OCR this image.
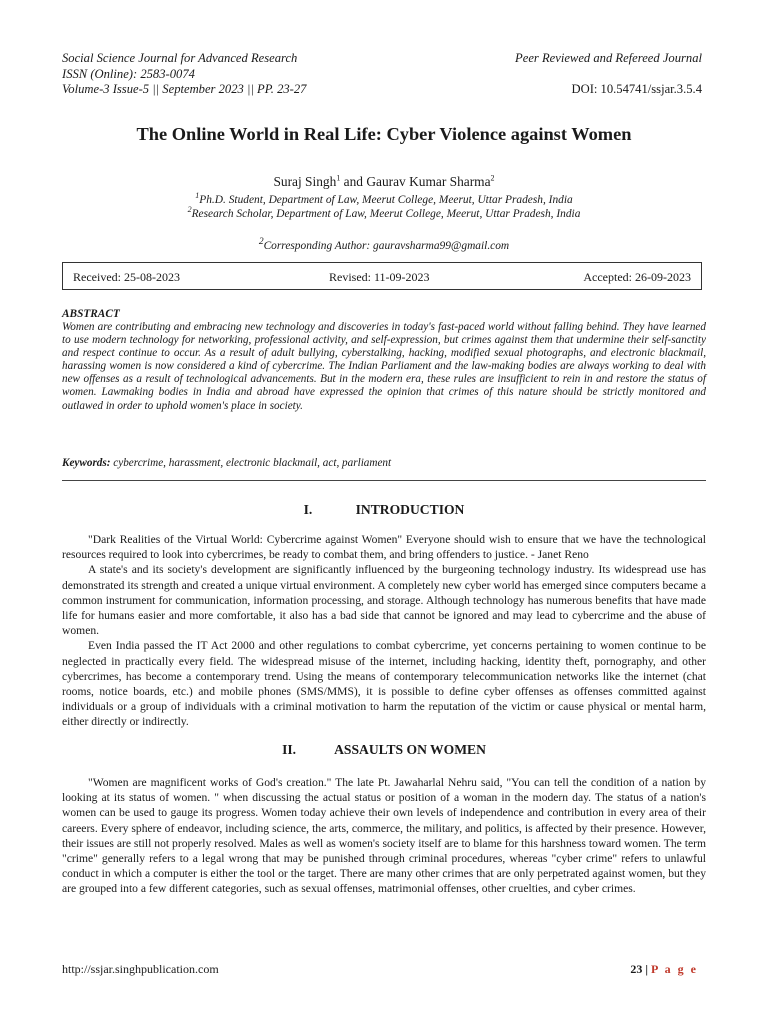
Social Science Journal for Advanced Research
ISSN (Online): 2583-0074
Volume-3 Issue-5 || September 2023 || PP. 23-27
Peer Reviewed and Refereed Journal
DOI: 10.54741/ssjar.3.5.4
The Online World in Real Life: Cyber Violence against Women
Suraj Singh$^1$ and Gaurav Kumar Sharma$^2$
$^1$Ph.D. Student, Department of Law, Meerut College, Meerut, Uttar Pradesh, India
$^2$Research Scholar, Department of Law, Meerut College, Meerut, Uttar Pradesh, India
$^2$Corresponding Author: gauravsharma99@gmail.com
Received: 25-08-2023	Revised: 11-09-2023	Accepted: 26-09-2023
ABSTRACT
Women are contributing and embracing new technology and discoveries in today's fast-paced world without falling behind. They have learned to use modern technology for networking, professional activity, and self-expression, but crimes against them that undermine their self-sanctity and respect continue to occur. As a result of adult bullying, cyberstalking, hacking, modified sexual photographs, and electronic blackmail, harassing women is now considered a kind of cybercrime. The Indian Parliament and the law-making bodies are always working to deal with new offenses as a result of technological advancements. But in the modern era, these rules are insufficient to rein in and restore the status of women. Lawmaking bodies in India and abroad have expressed the opinion that crimes of this nature should be strictly monitored and outlawed in order to uphold women's place in society.
Keywords: cybercrime, harassment, electronic blackmail, act, parliament
I.	INTRODUCTION

"Dark Realities of the Virtual World: Cybercrime against Women" Everyone should wish to ensure that we have the technological resources required to look into cybercrimes, be ready to combat them, and bring offenders to justice. - Janet Reno

A state's and its society's development are significantly influenced by the burgeoning technology industry. Its widespread use has demonstrated its strength and created a unique virtual environment. A completely new cyber world has emerged since computers became a common instrument for communication, information processing, and storage. Although technology has numerous benefits that have made life for humans easier and more comfortable, it also has a bad side that cannot be ignored and may lead to cybercrime and the abuse of women.

Even India passed the IT Act 2000 and other regulations to combat cybercrime, yet concerns pertaining to women continue to be neglected in practically every field. The widespread misuse of the internet, including hacking, identity theft, pornography, and other cybercrimes, has become a contemporary trend. Using the means of contemporary telecommunication networks like the internet (chat rooms, notice boards, etc.) and mobile phones (SMS/MMS), it is possible to define cyber offenses as offenses committed against individuals or a group of individuals with a criminal motivation to harm the reputation of the victim or cause physical or mental harm, either directly or indirectly.

II.	ASSAULTS ON WOMEN

"Women are magnificent works of God's creation." The late Pt. Jawaharlal Nehru said, "You can tell the condition of a nation by looking at its status of women. " when discussing the actual status or position of a woman in the modern day. The status of a nation's women can be used to gauge its progress. Women today achieve their own levels of independence and contribution in every area of their careers. Every sphere of endeavor, including science, the arts, commerce, the military, and politics, is affected by their presence. However, their issues are still not properly resolved. Males as well as women's society itself are to blame for this harshness toward women. The term "crime" generally refers to a legal wrong that may be punished through criminal procedures, whereas "cyber crime" refers to unlawful conduct in which a computer is either the tool or the target. There are many other crimes that are only perpetrated against women, but they are grouped into a few different categories, such as sexual offenses, matrimonial offenses, other cruelties, and cyber crimes.

http://ssjar.singhpublication.com	23 | P a g e
